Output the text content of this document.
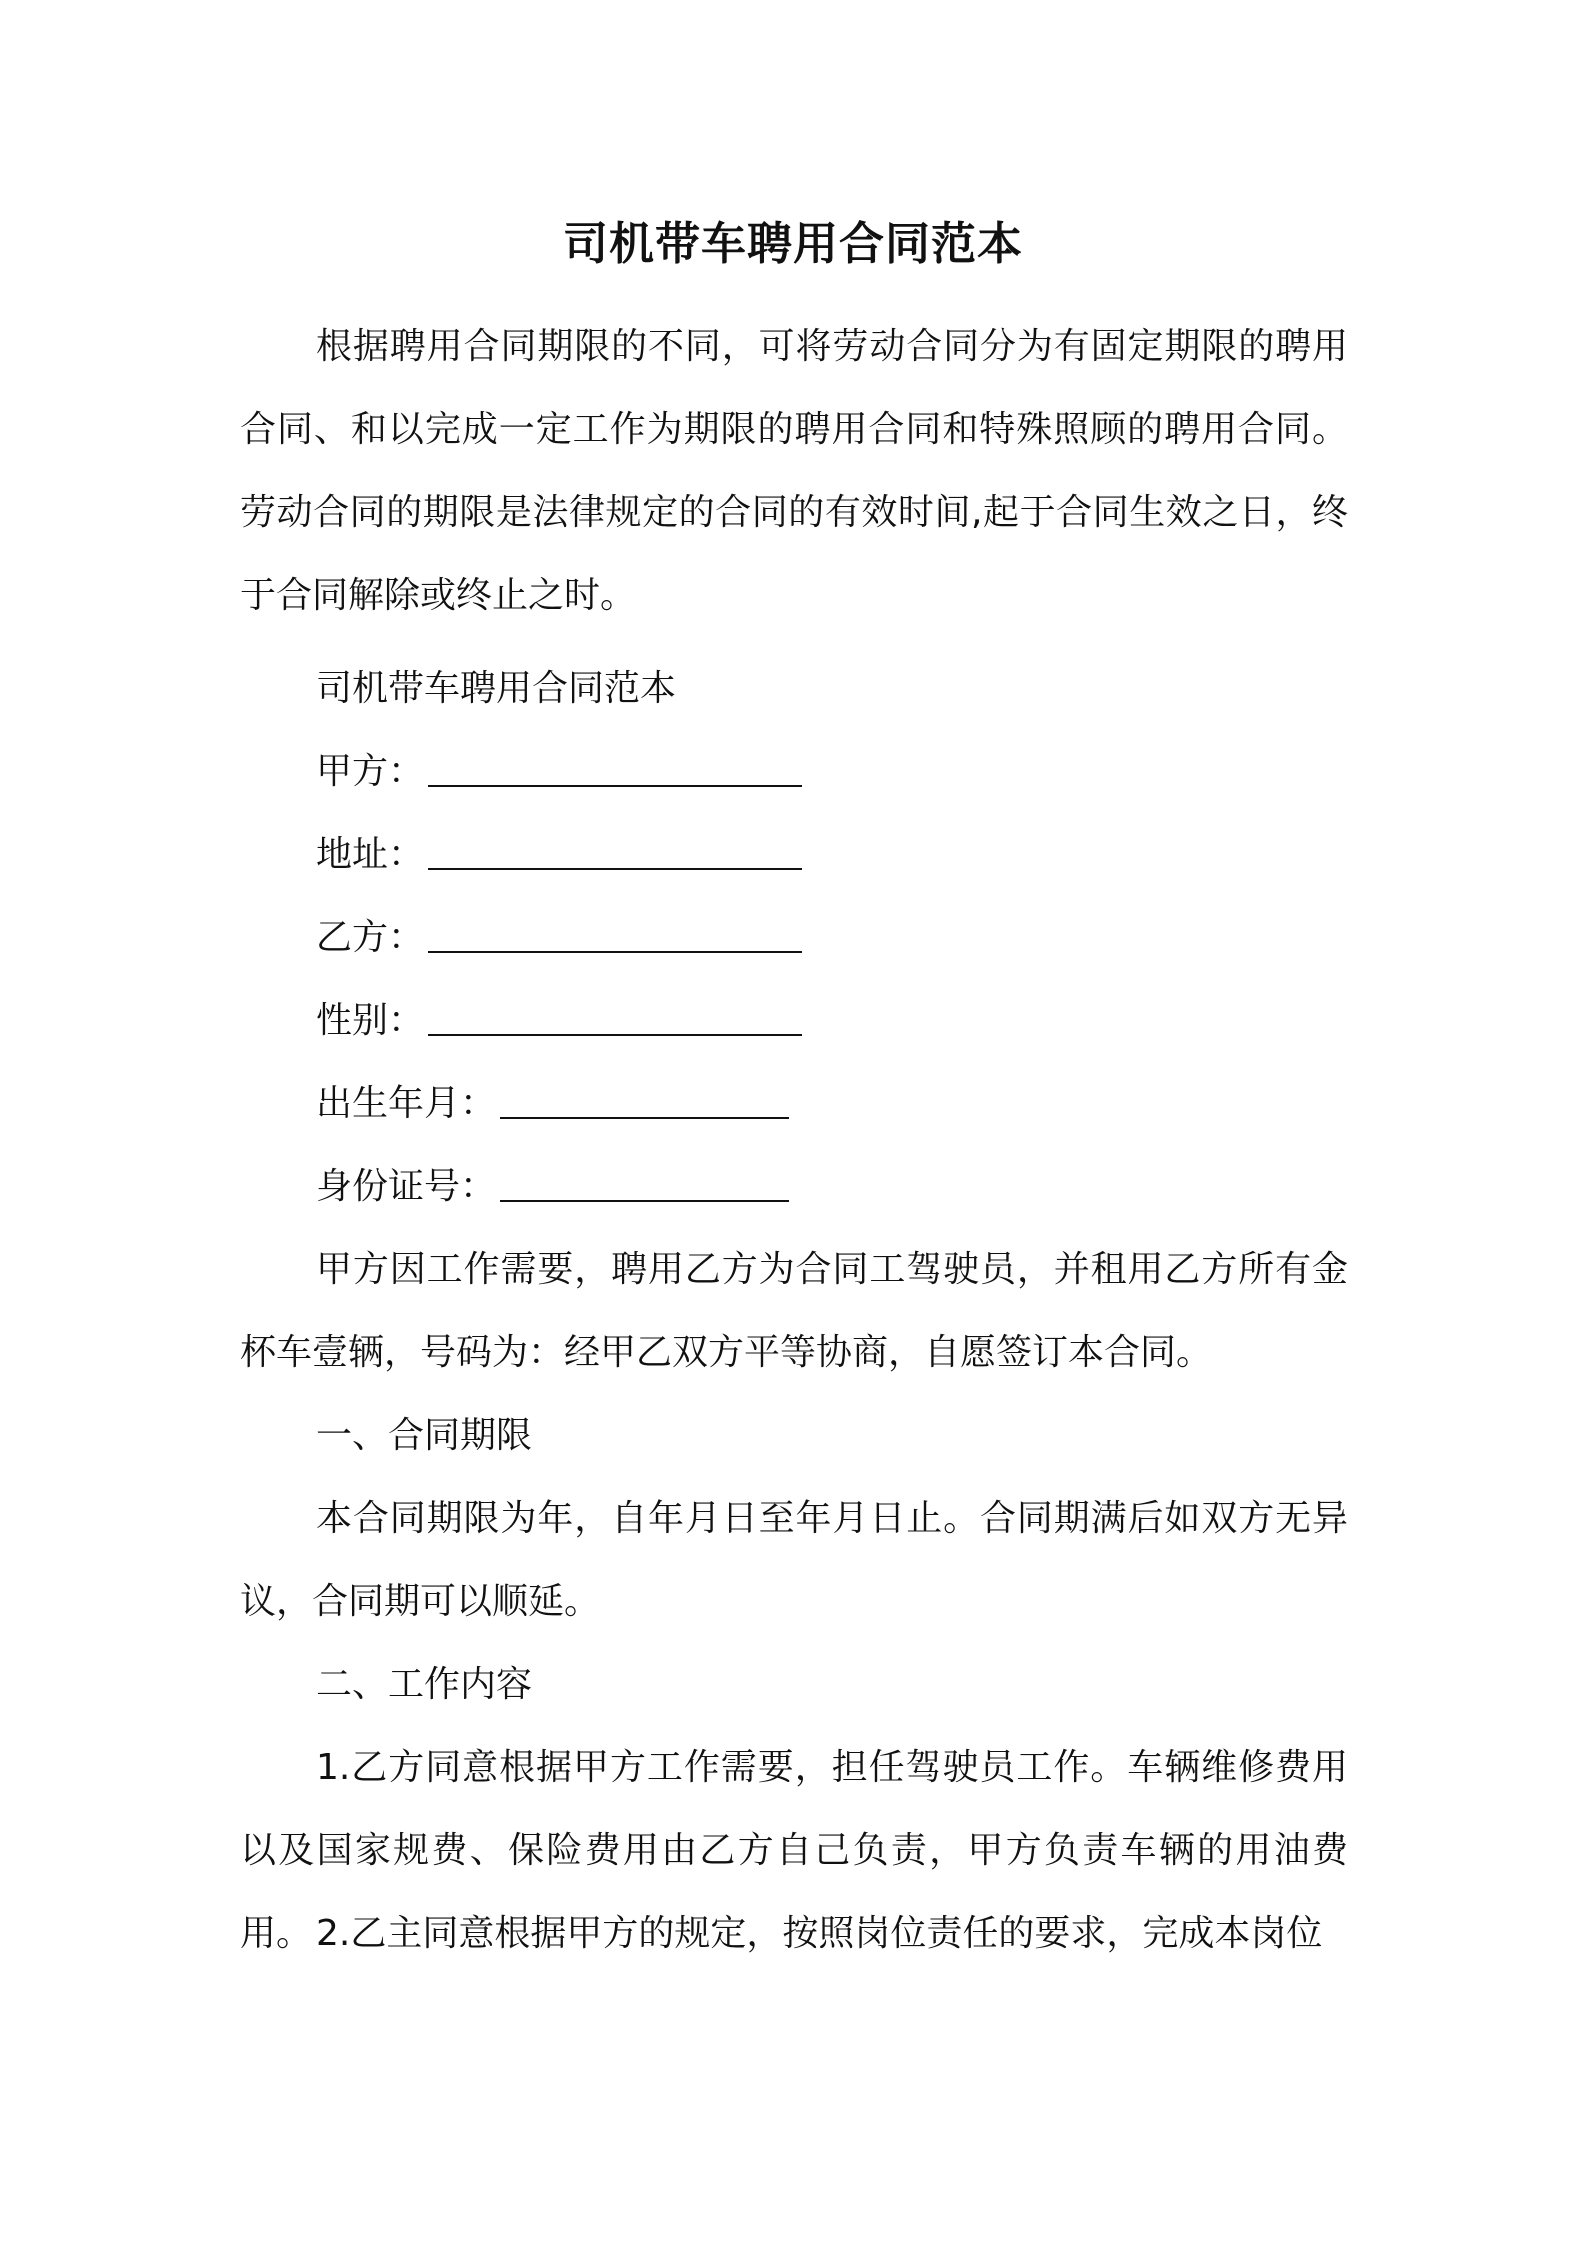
司机带车聘用合同范本
根据聘用合同期限的不同，可将劳动合同分为有固定期限的聘用合同、和以完成一定工作为期限的聘用合同和特殊照顾的聘用合同。劳动合同的期限是法律规定的合同的有效时间,起于合同生效之日，终于合同解除或终止之时。
司机带车聘用合同范本
甲方：
地址：
乙方：
性别：
出生年月：
身份证号：
甲方因工作需要，聘用乙方为合同工驾驶员，并租用乙方所有金杯车壹辆，号码为：经甲乙双方平等协商，自愿签订本合同。
一、合同期限
本合同期限为年，自年月日至年月日止。合同期满后如双方无异议，合同期可以顺延。
二、工作内容
1.乙方同意根据甲方工作需要，担任驾驶员工作。车辆维修费用以及国家规费、保险费用由乙方自己负责，甲方负责车辆的用油费用。 2.乙主同意根据甲方的规定，按照岗位责任的要求，完成本岗位
